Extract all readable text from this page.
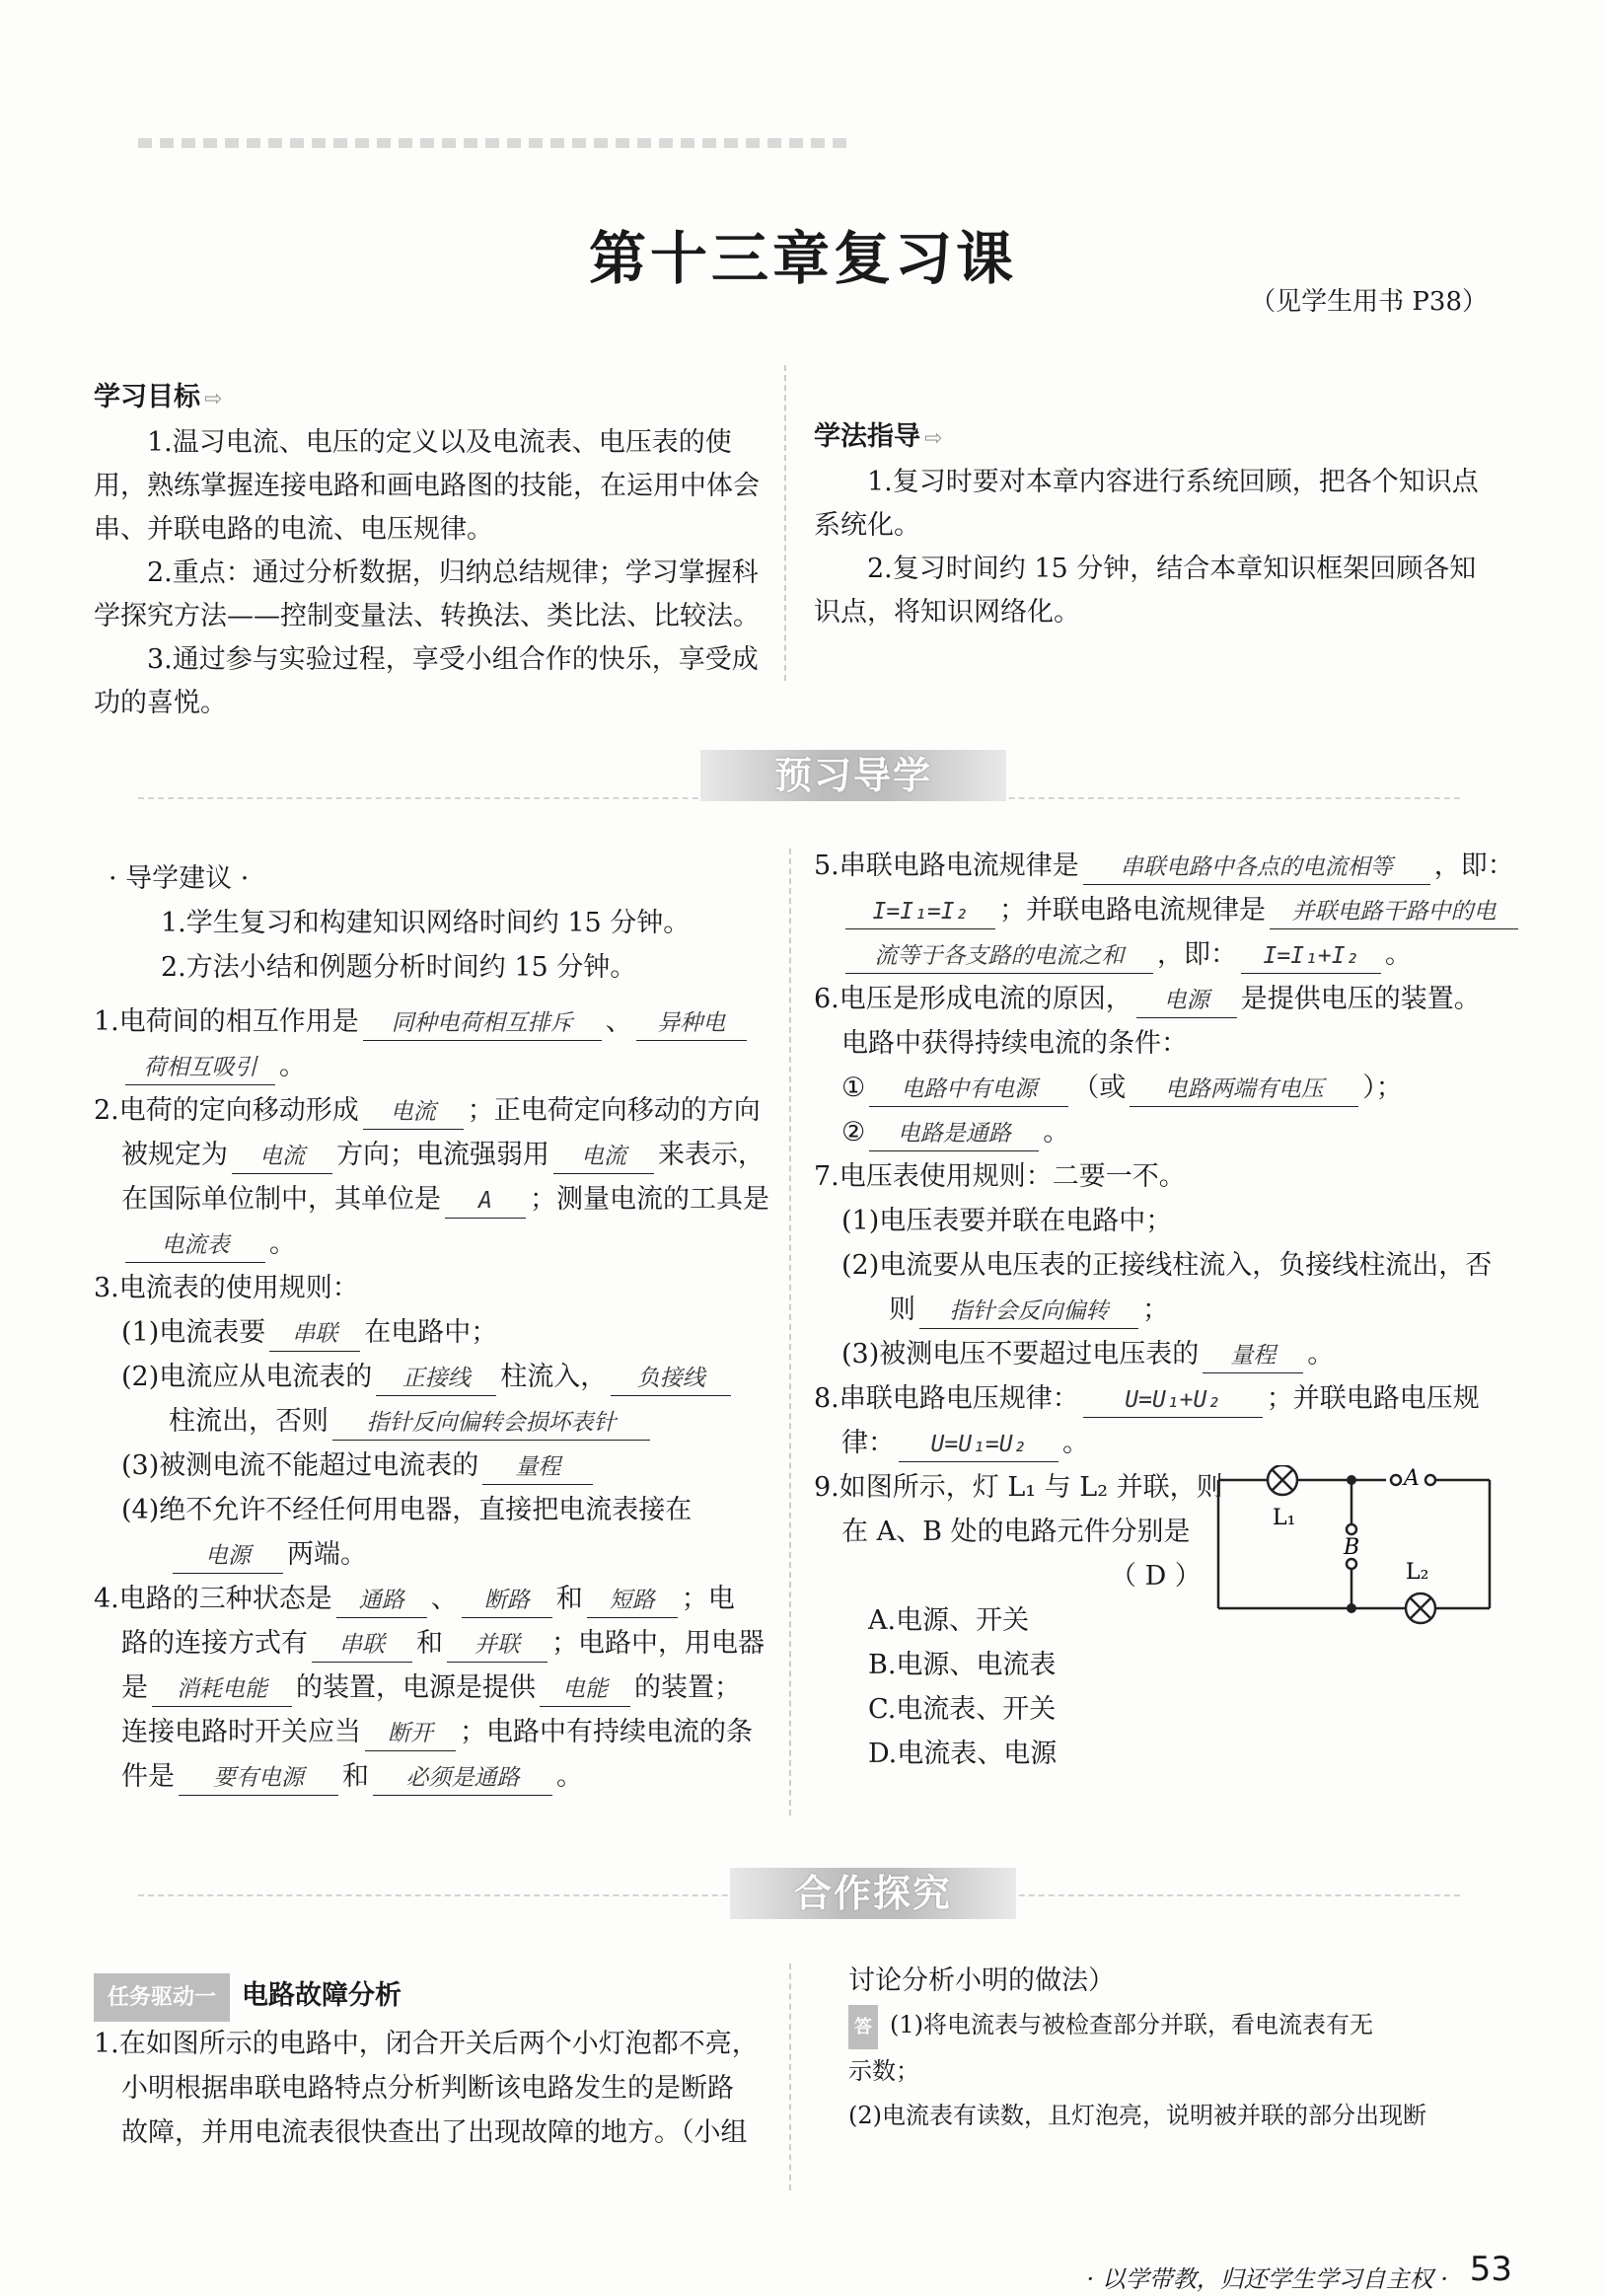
第十三章复习课
（见学生用书 P38）
学习目标 ⇨
1.温习电流、电压的定义以及电流表、电压表的使用，熟练掌握连接电路和画电路图的技能，在运用中体会串、并联电路的电流、电压规律。
2.重点：通过分析数据，归纳总结规律；学习掌握科学探究方法——控制变量法、转换法、类比法、比较法。
3.通过参与实验过程，享受小组合作的快乐，享受成功的喜悦。
学法指导 ⇨
1.复习时要对本章内容进行系统回顾，把各个知识点系统化。
2.复习时间约 15 分钟，结合本章知识框架回顾各知识点，将知识网络化。
预习导学
· 导学建议 ·
1.学生复习和构建知识网络时间约 15 分钟。
2.方法小结和例题分析时间约 15 分钟。
1.电荷间的相互作用是 同种电荷相互排斥 、 异种电
荷相互吸引 。
2.电荷的定向移动形成 电流 ；正电荷定向移动的方向
被规定为 电流 方向；电流强弱用 电流 来表示，
在国际单位制中，其单位是 A ；测量电流的工具是
电流表 。
3.电流表的使用规则：
(1)电流表要 串联 在电路中；
(2)电流应从电流表的 正接线 柱流入， 负接线
柱流出，否则 指针反向偏转会损坏表针
(3)被测电流不能超过电流表的 量程
(4)绝不允许不经任何用电器，直接把电流表接在
电源 两端。
4.电路的三种状态是 通路 、 断路 和 短路 ；电
路的连接方式有 串联 和 并联 ；电路中，用电器
是 消耗电能 的装置，电源是提供 电能 的装置；
连接电路时开关应当 断开 ；电路中有持续电流的条
件是 要有电源 和 必须是通路 。
5.串联电路电流规律是 串联电路中各点的电流相等 ，即：
I=I₁=I₂ ；并联电路电流规律是 并联电路干路中的电
流等于各支路的电流之和 ，即： I=I₁+I₂ 。
6.电压是形成电流的原因， 电源 是提供电压的装置。
电路中获得持续电流的条件：
① 电路中有电源 （或 电路两端有电压 ）；
② 电路是通路 。
7.电压表使用规则：二要一不。
(1)电压表要并联在电路中；
(2)电流要从电压表的正接线柱流入，负接线柱流出，否
则 指针会反向偏转 ；
(3)被测电压不要超过电压表的 量程 。
8.串联电路电压规律： U=U₁+U₂ ；并联电路电压规
律： U=U₁=U₂ 。
9.如图所示，灯 L₁ 与 L₂ 并联，则
在 A、B 处的电路元件分别是
（ D ）
A.电源、开关
B.电源、电流表
C.电流表、开关
D.电流表、电源
L₁
L₂
A
B
合作探究
任务驱动一 电路故障分析
1.在如图所示的电路中，闭合开关后两个小灯泡都不亮，
小明根据串联电路特点分析判断该电路发生的是断路
故障，并用电流表很快查出了出现故障的地方。（小组
讨论分析小明的做法）
答 (1)将电流表与被检查部分并联，看电流表有无
示数；
(2)电流表有读数，且灯泡亮，说明被并联的部分出现断
· 以学带教，归还学生学习自主权 · 53
